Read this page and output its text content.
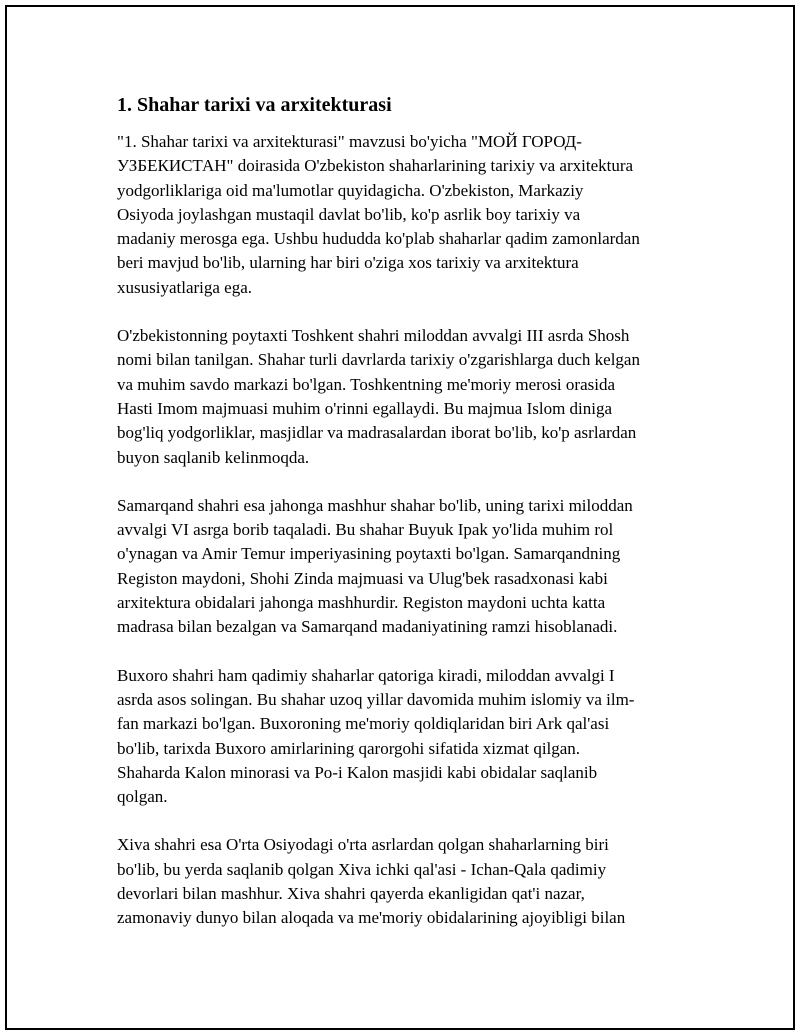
1. Shahar tarixi va arxitekturasi

"1. Shahar tarixi va arxitekturasi" mavzusi bo'yicha "МОЙ ГОРОД-
УЗБЕКИСТАН" doirasida O'zbekiston shaharlarining tarixiy va arxitektura
yodgorliklariga oid ma'lumotlar quyidagicha. O'zbekiston, Markaziy
Osiyoda joylashgan mustaqil davlat bo'lib, ko'p asrlik boy tarixiy va
madaniy merosga ega. Ushbu hududda ko'plab shaharlar qadim zamonlardan
beri mavjud bo'lib, ularning har biri o'ziga xos tarixiy va arxitektura
xususiyatlariga ega.

O'zbekistonning poytaxti Toshkent shahri miloddan avvalgi III asrda Shosh
nomi bilan tanilgan. Shahar turli davrlarda tarixiy o'zgarishlarga duch kelgan
va muhim savdo markazi bo'lgan. Toshkentning me'moriy merosi orasida
Hasti Imom majmuasi muhim o'rinni egallaydi. Bu majmua Islom diniga
bog'liq yodgorliklar, masjidlar va madrasalardan iborat bo'lib, ko'p asrlardan
buyon saqlanib kelinmoqda.

Samarqand shahri esa jahonga mashhur shahar bo'lib, uning tarixi miloddan
avvalgi VI asrga borib taqaladi. Bu shahar Buyuk Ipak yo'lida muhim rol
o'ynagan va Amir Temur imperiyasining poytaxti bo'lgan. Samarqandning
Registon maydoni, Shohi Zinda majmuasi va Ulug'bek rasadxonasi kabi
arxitektura obidalari jahonga mashhurdir. Registon maydoni uchta katta
madrasa bilan bezalgan va Samarqand madaniyatining ramzi hisoblanadi.

Buxoro shahri ham qadimiy shaharlar qatoriga kiradi, miloddan avvalgi I
asrda asos solingan. Bu shahar uzoq yillar davomida muhim islomiy va ilm-
fan markazi bo'lgan. Buxoroning me'moriy qoldiqlaridan biri Ark qal'asi
bo'lib, tarixda Buxoro amirlarining qarorgohi sifatida xizmat qilgan.
Shaharda Kalon minorasi va Po-i Kalon masjidi kabi obidalar saqlanib
qolgan.

Xiva shahri esa O'rta Osiyodagi o'rta asrlardan qolgan shaharlarning biri
bo'lib, bu yerda saqlanib qolgan Xiva ichki qal'asi - Ichan-Qala qadimiy
devorlari bilan mashhur. Xiva shahri qayerda ekanligidan qat'i nazar,
zamonaviy dunyo bilan aloqada va me'moriy obidalarining ajoyibligi bilan
